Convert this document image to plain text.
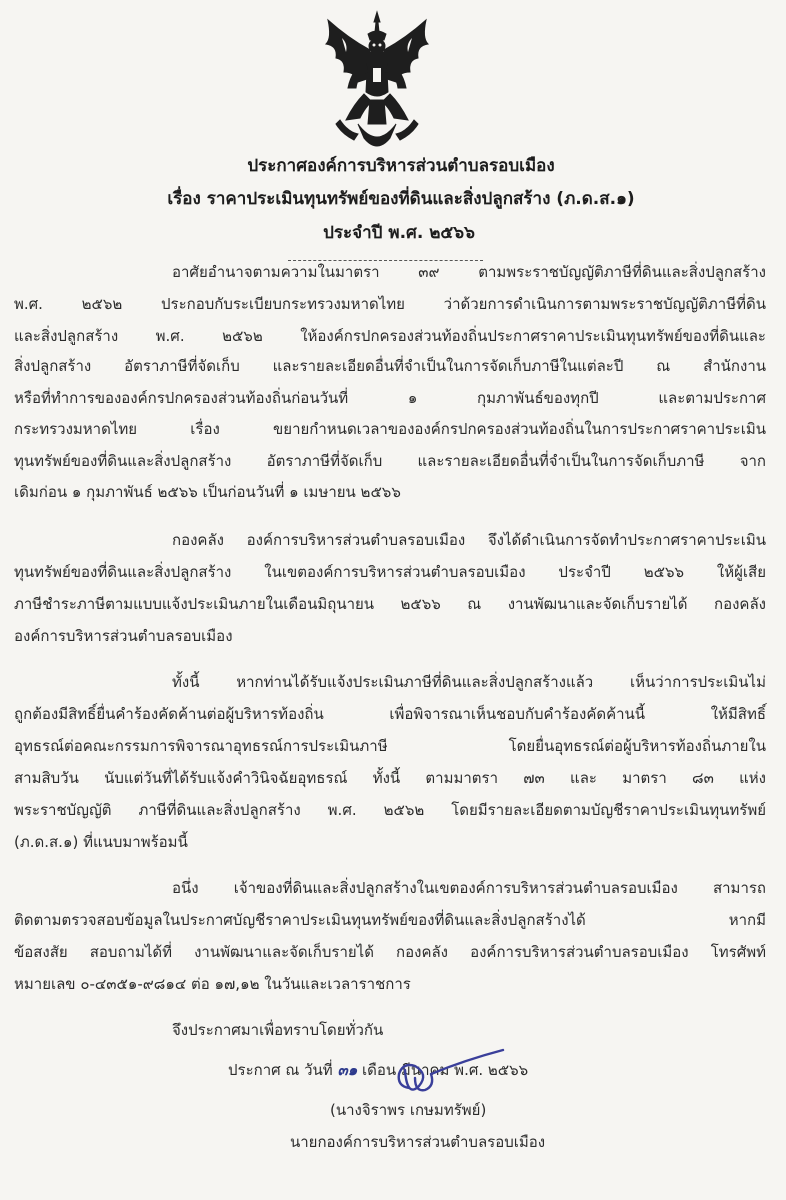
ประกาศองค์การบริหารส่วนตำบลรอบเมือง
เรื่อง ราคาประเมินทุนทรัพย์ของที่ดินและสิ่งปลูกสร้าง (ภ.ด.ส.๑)
ประจำปี พ.ศ. ๒๕๖๖
อาศัยอำนาจตามความในมาตรา ๓๙ ตามพระราชบัญญัติภาษีที่ดินและสิ่งปลูกสร้าง
พ.ศ. ๒๕๖๒ ประกอบกับระเบียบกระทรวงมหาดไทย ว่าด้วยการดำเนินการตามพระราชบัญญัติภาษีที่ดิน
และสิ่งปลูกสร้าง พ.ศ. ๒๕๖๒ ให้องค์กรปกครองส่วนท้องถิ่นประกาศราคาประเมินทุนทรัพย์ของที่ดินและ
สิ่งปลูกสร้าง อัตราภาษีที่จัดเก็บ และรายละเอียดอื่นที่จำเป็นในการจัดเก็บภาษีในแต่ละปี ณ สำนักงาน
หรือที่ทำการขององค์กรปกครองส่วนท้องถิ่นก่อนวันที่ ๑ กุมภาพันธ์ของทุกปี และตามประกาศ
กระทรวงมหาดไทย เรื่อง ขยายกำหนดเวลาขององค์กรปกครองส่วนท้องถิ่นในการประกาศราคาประเมิน
ทุนทรัพย์ของที่ดินและสิ่งปลูกสร้าง อัตราภาษีที่จัดเก็บ และรายละเอียดอื่นที่จำเป็นในการจัดเก็บภาษี จาก
เดิมก่อน ๑ กุมภาพันธ์ ๒๕๖๖ เป็นก่อนวันที่ ๑ เมษายน ๒๕๖๖
กองคลัง องค์การบริหารส่วนตำบลรอบเมือง จึงได้ดำเนินการจัดทำประกาศราคาประเมิน
ทุนทรัพย์ของที่ดินและสิ่งปลูกสร้าง ในเขตองค์การบริหารส่วนตำบลรอบเมือง ประจำปี ๒๕๖๖ ให้ผู้เสีย
ภาษีชำระภาษีตามแบบแจ้งประเมินภายในเดือนมิถุนายน ๒๕๖๖ ณ งานพัฒนาและจัดเก็บรายได้ กองคลัง
องค์การบริหารส่วนตำบลรอบเมือง
ทั้งนี้ หากท่านได้รับแจ้งประเมินภาษีที่ดินและสิ่งปลูกสร้างแล้ว เห็นว่าการประเมินไม่
ถูกต้องมีสิทธิ์ยื่นคำร้องคัดค้านต่อผู้บริหารท้องถิ่น เพื่อพิจารณาเห็นชอบกับคำร้องคัดค้านนี้ ให้มีสิทธิ์
อุทธรณ์ต่อคณะกรรมการพิจารณาอุทธรณ์การประเมินภาษี โดยยื่นอุทธรณ์ต่อผู้บริหารท้องถิ่นภายใน
สามสิบวัน นับแต่วันที่ได้รับแจ้งคำวินิจฉัยอุทธรณ์ ทั้งนี้ ตามมาตรา ๗๓ และ มาตรา ๘๓ แห่ง
พระราชบัญญัติ ภาษีที่ดินและสิ่งปลูกสร้าง พ.ศ. ๒๕๖๒ โดยมีรายละเอียดตามบัญชีราคาประเมินทุนทรัพย์
(ภ.ด.ส.๑) ที่แนบมาพร้อมนี้
อนึ่ง เจ้าของที่ดินและสิ่งปลูกสร้างในเขตองค์การบริหารส่วนตำบลรอบเมือง สามารถ
ติดตามตรวจสอบข้อมูลในประกาศบัญชีราคาประเมินทุนทรัพย์ของที่ดินและสิ่งปลูกสร้างได้ หากมี
ข้อสงสัย สอบถามได้ที่ งานพัฒนาและจัดเก็บรายได้ กองคลัง องค์การบริหารส่วนตำบลรอบเมือง โทรศัพท์
หมายเลข ๐-๔๓๕๑-๙๘๑๔ ต่อ ๑๗,๑๒ ในวันและเวลาราชการ
จึงประกาศมาเพื่อทราบโดยทั่วกัน
ประกาศ ณ วันที่ ๓๑ เดือน มีนาคม พ.ศ. ๒๕๖๖
(นางจิราพร เกษมทรัพย์)
นายกองค์การบริหารส่วนตำบลรอบเมือง
